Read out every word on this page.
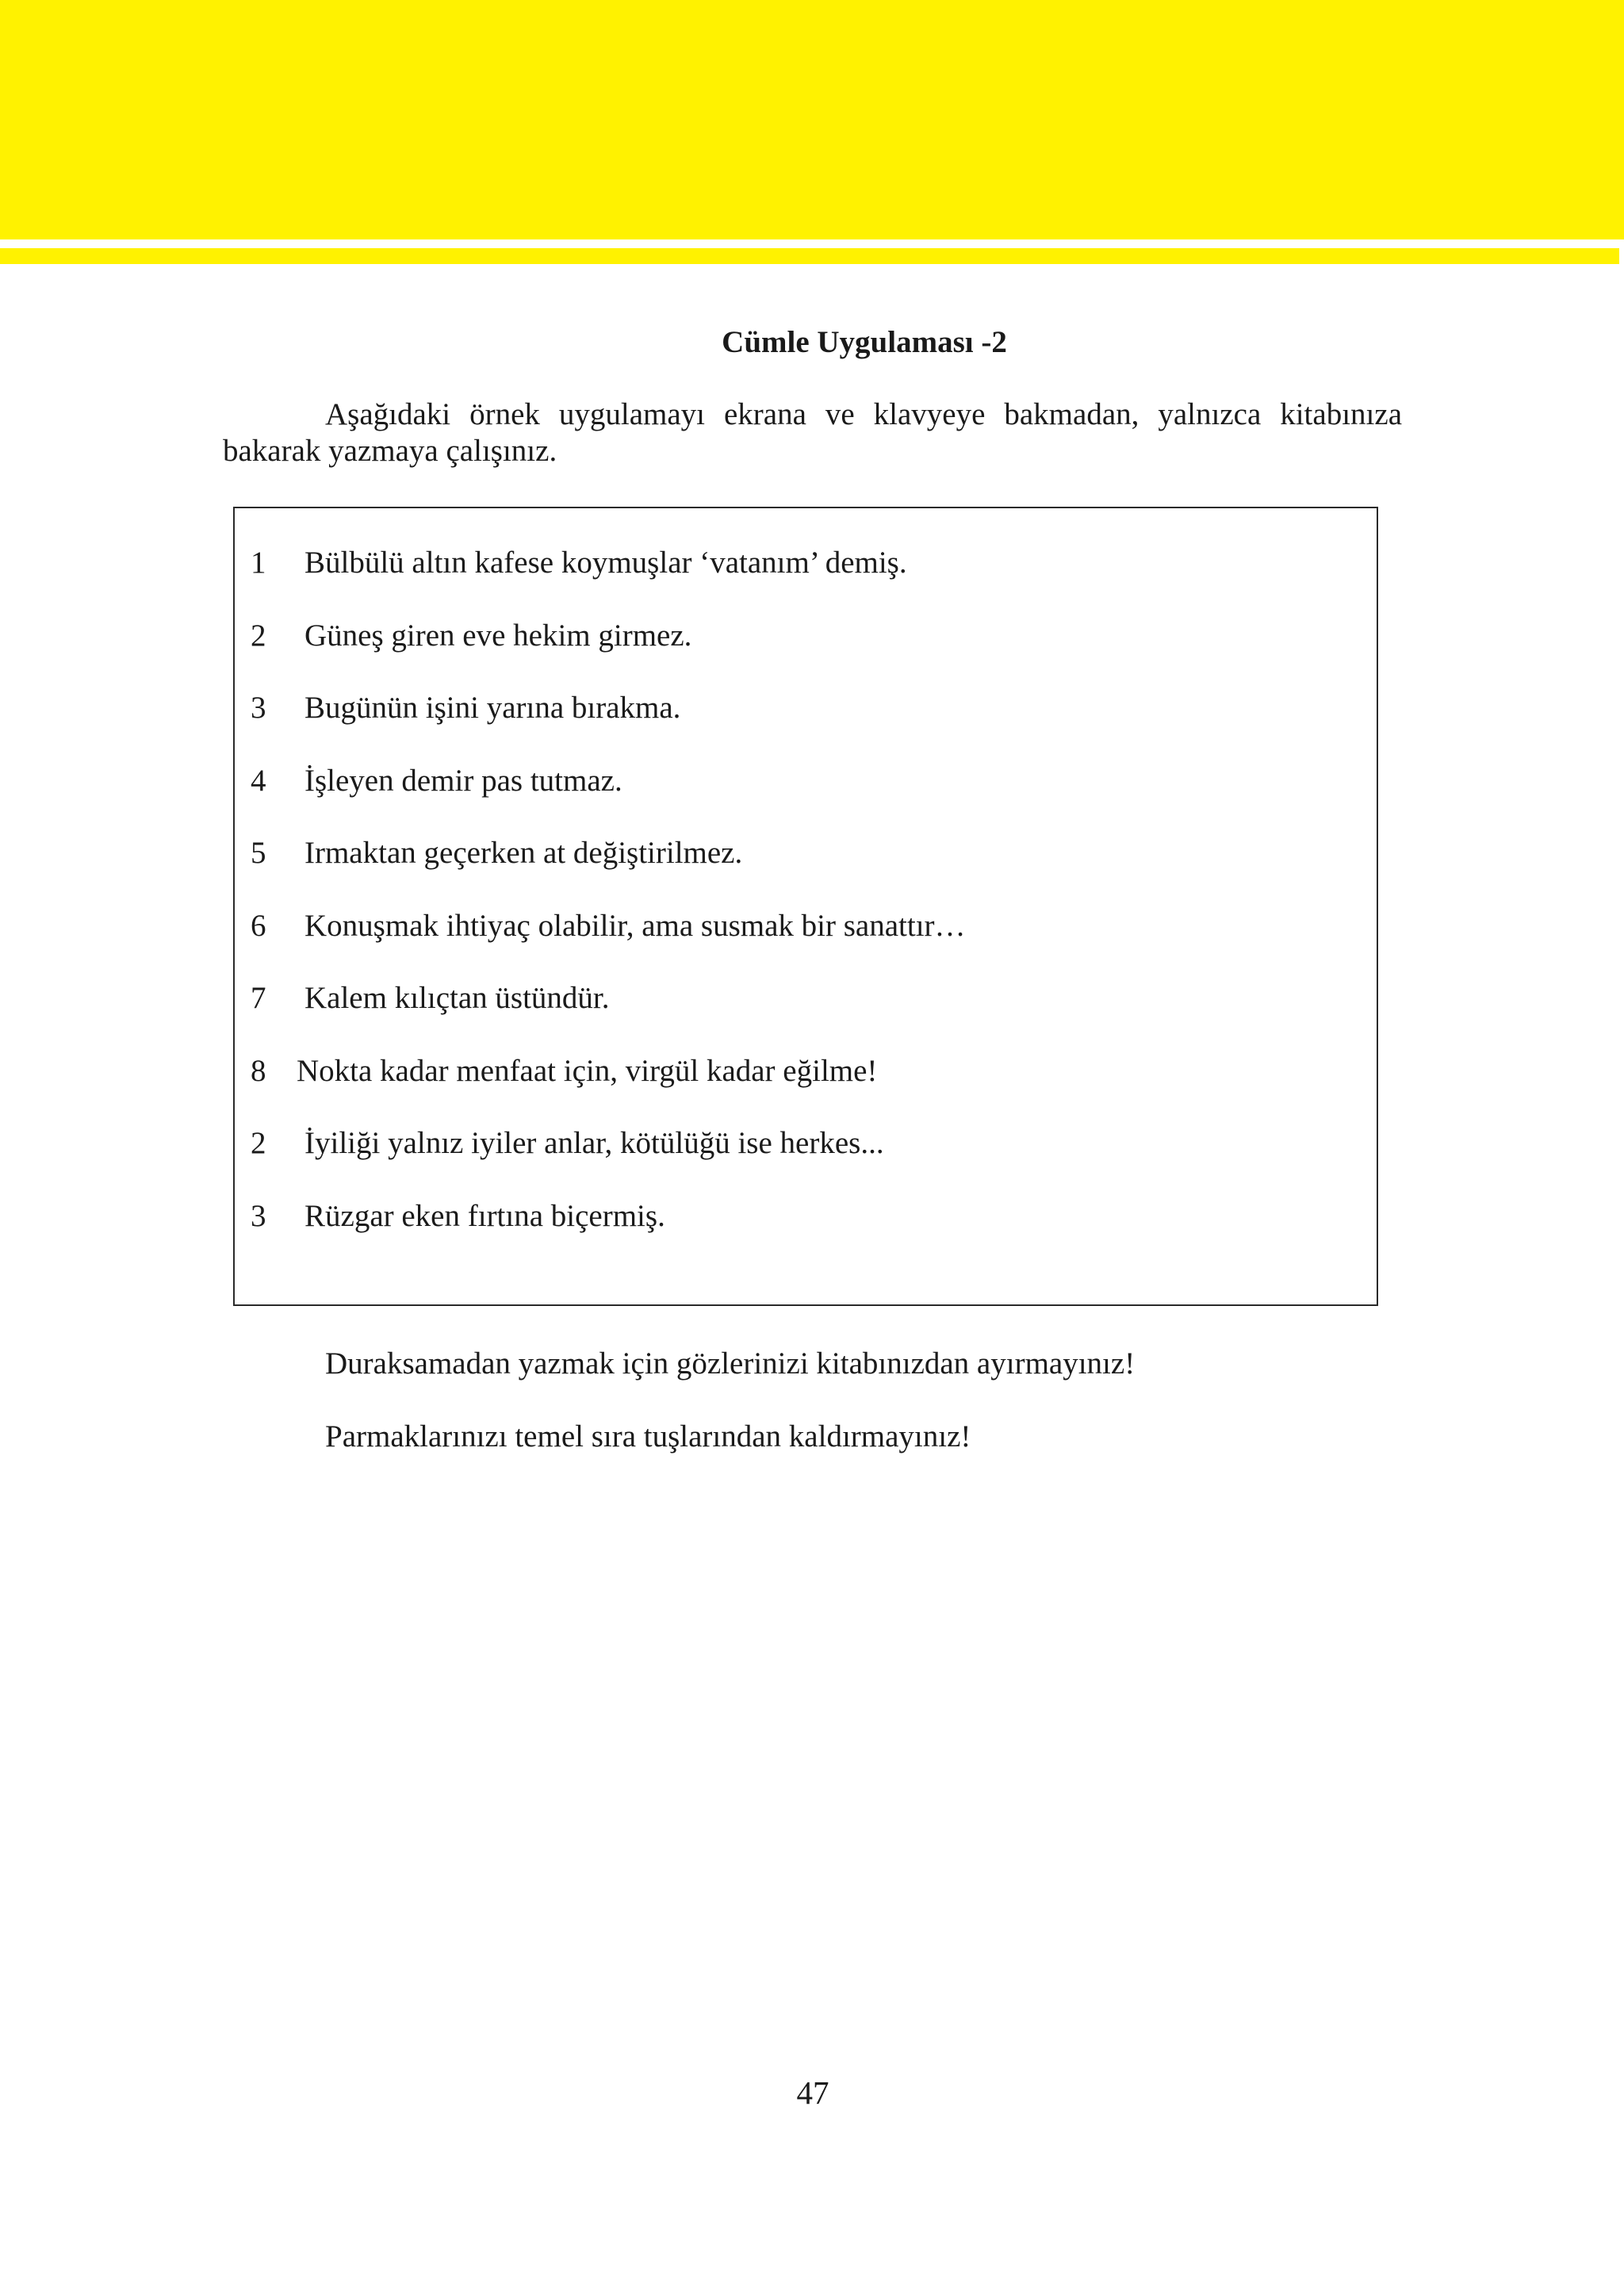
Cümle Uygulaması -2

Aşağıdaki örnek uygulamayı ekrana ve klavyeye bakmadan, yalnızca kitabınıza bakarak yazmaya çalışınız.

1 Bülbülü altın kafese koymuşlar ‘vatanım’ demiş.
2 Güneş giren eve hekim girmez.
3 Bugünün işini yarına bırakma.
4 İşleyen demir pas tutmaz.
5 Irmaktan geçerken at değiştirilmez.
6 Konuşmak ihtiyaç olabilir, ama susmak bir sanattır…
7 Kalem kılıçtan üstündür.
8 Nokta kadar menfaat için, virgül kadar eğilme!
2 İyiliği yalnız iyiler anlar, kötülüğü ise herkes...
3 Rüzgar eken fırtına biçermiş.

Duraksamadan yazmak için gözlerinizi kitabınızdan ayırmayınız!

Parmaklarınızı temel sıra tuşlarından kaldırmayınız!

47
